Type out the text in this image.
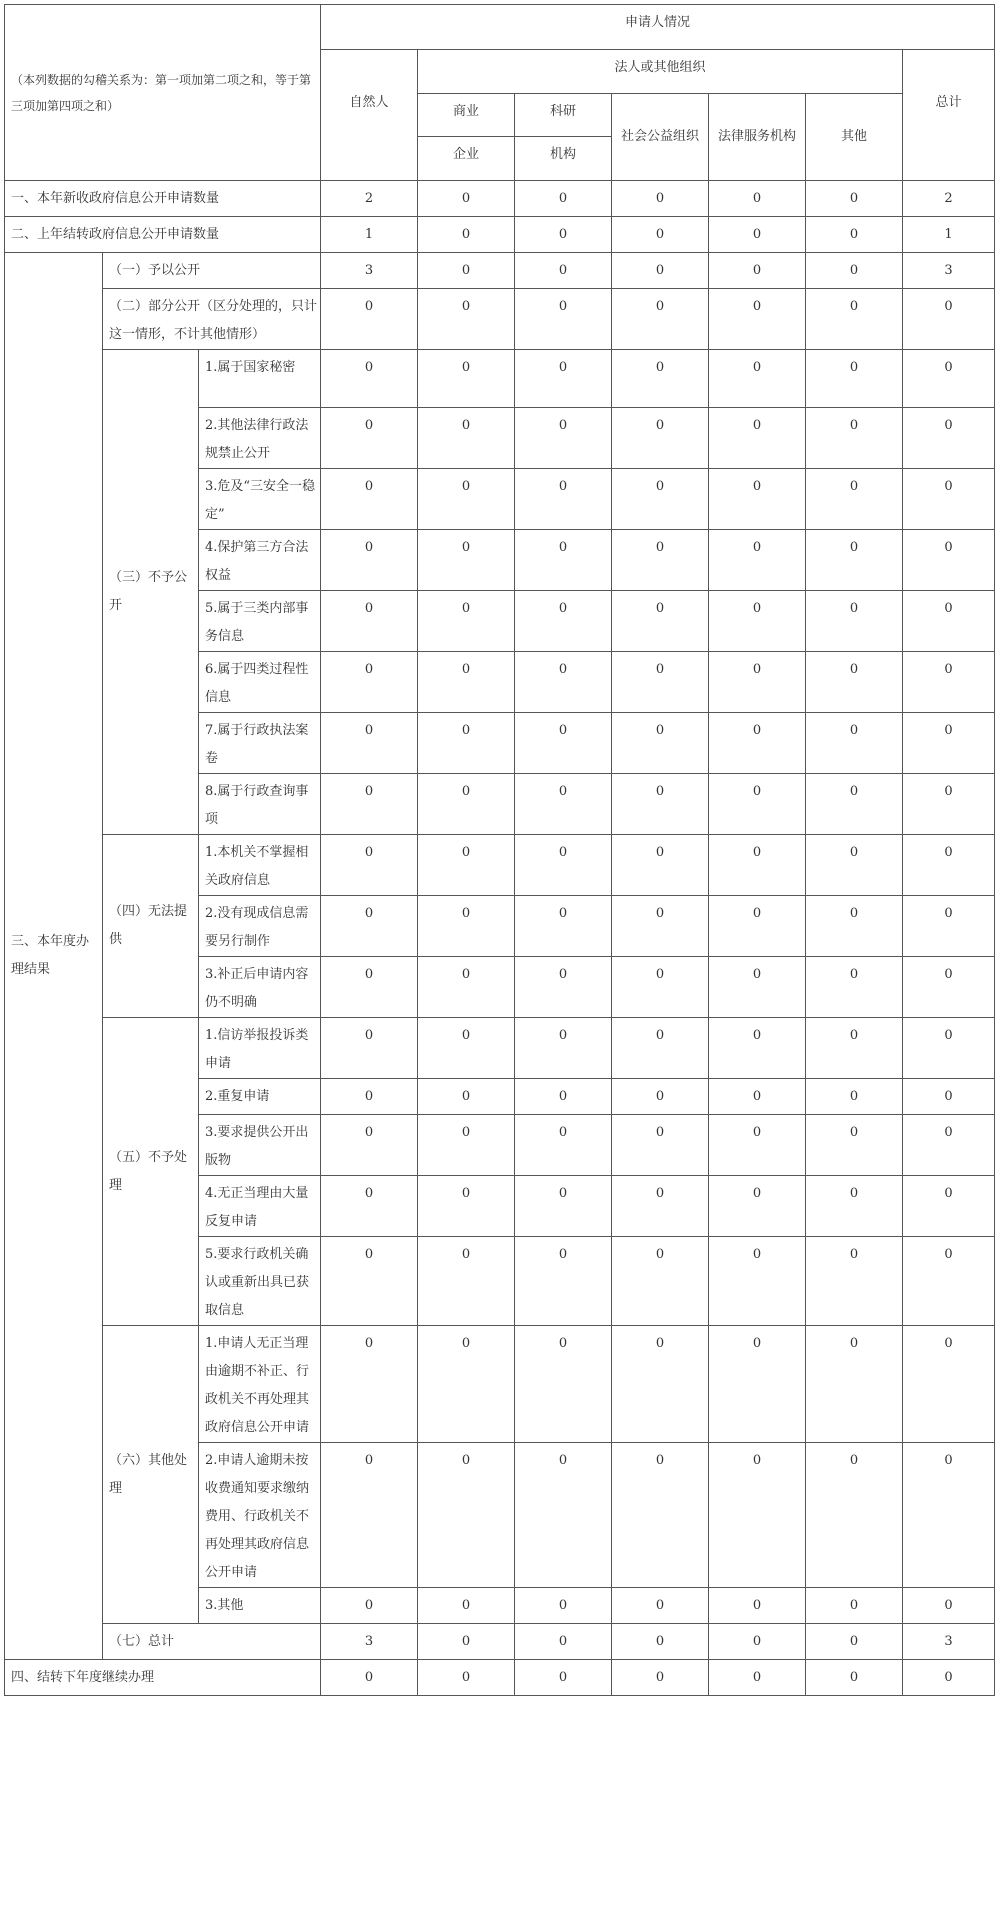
（本列数据的勾稽关系为：第一项加第二项之和，等于第三项加第四项之和）			申请人情况						
			自然人	法人或其他组织					总计
				商业	科研	社会公益组织	法律服务机构	其他	
				企业	机构				
一、本年新收政府信息公开申请数量			2	0	0	0	0	0	2
二、上年结转政府信息公开申请数量			1	0	0	0	0	0	1
三、本年度办理结果	（一）予以公开		3	0	0	0	0	0	3
	（二）部分公开（区分处理的，只计这一情形，不计其他情形）		0	0	0	0	0	0	0
	（三）不予公开	1.属于国家秘密	0	0	0	0	0	0	0
		2.其他法律行政法规禁止公开	0	0	0	0	0	0	0
		3.危及“三安全一稳定”	0	0	0	0	0	0	0
		4.保护第三方合法权益	0	0	0	0	0	0	0
		5.属于三类内部事务信息	0	0	0	0	0	0	0
		6.属于四类过程性信息	0	0	0	0	0	0	0
		7.属于行政执法案卷	0	0	0	0	0	0	0
		8.属于行政查询事项	0	0	0	0	0	0	0
	（四）无法提供	1.本机关不掌握相关政府信息	0	0	0	0	0	0	0
		2.没有现成信息需要另行制作	0	0	0	0	0	0	0
		3.补正后申请内容仍不明确	0	0	0	0	0	0	0
	（五）不予处理	1.信访举报投诉类申请	0	0	0	0	0	0	0
		2.重复申请	0	0	0	0	0	0	0
		3.要求提供公开出版物	0	0	0	0	0	0	0
		4.无正当理由大量反复申请	0	0	0	0	0	0	0
		5.要求行政机关确认或重新出具已获取信息	0	0	0	0	0	0	0
	（六）其他处理	1.申请人无正当理由逾期不补正、行政机关不再处理其政府信息公开申请	0	0	0	0	0	0	0
		2.申请人逾期未按收费通知要求缴纳费用、行政机关不再处理其政府信息公开申请	0	0	0	0	0	0	0
		3.其他	0	0	0	0	0	0	0
	（七）总计		3	0	0	0	0	0	3
四、结转下年度继续办理			0	0	0	0	0	0	0
